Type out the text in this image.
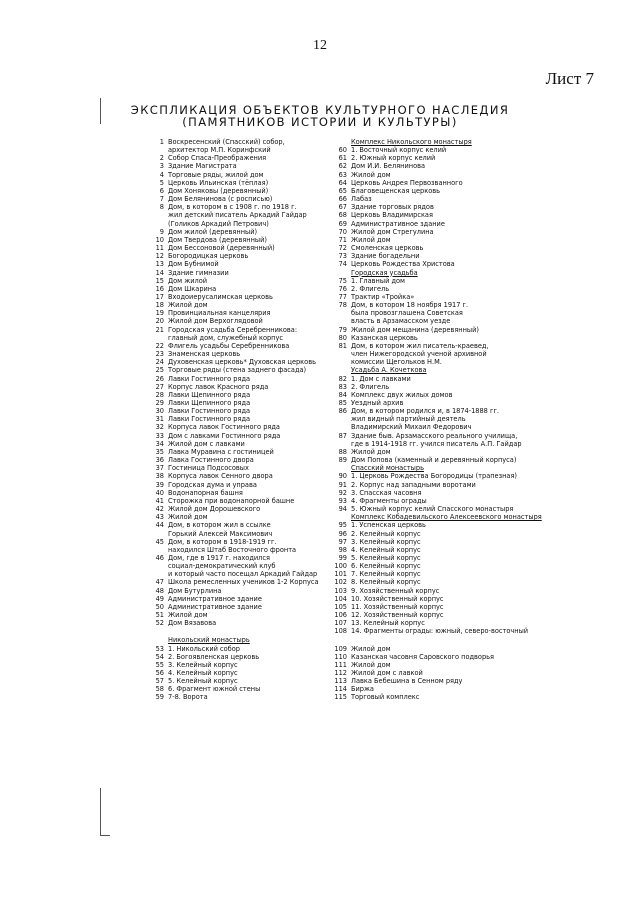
12
Лист 7
ЭКСПЛИКАЦИЯ ОБЪЕКТОВ КУЛЬТУРНОГО НАСЛЕДИЯ
(ПАМЯТНИКОВ ИСТОРИИ И КУЛЬТУРЫ)
1 Воскресенский (Спасский) собор,
архитектор М.П. Коринфский
2 Собор Спаса-Преображения
3 Здание Магистрата
4 Торговые ряды, жилой дом
5 Церковь Ильинская (тёплая)
6 Дом Хоняковы (деревянный)
7 Дом Белянинова (с росписью)
8 Дом, в котором в с 1908 г. по 1918 г.
жил детский писатель Аркадий Гайдар
(Голиков Аркадий Петрович)
9 Дом жилой (деревянный)
10 Дом Твердова (деревянный)
11 Дом Бессоновой (деревянный)
12 Богородицкая церковь
13 Дом Бубнимой
14 Здание гимназии
15 Дом жилой
16 Дом Шкарина
17 Входоиерусалимская церковь
18 Жилой дом
19 Провинциальная канцелярия
20 Жилой дом Верхоглядовой
21 Городская усадьба Серебренникова:
главный дом, служебный корпус
22 Флигель усадьбы Серебренникова
23 Знаменская церковь
24 Духовенская церковь* Духовская церковь
25 Торговые ряды (стена заднего фасада)
26 Лавки Гостинного ряда
27 Корпус лавок Красного ряда
28 Лавки Щепинного ряда
29 Лавки Щепинного ряда
30 Лавки Гостинного ряда
31 Лавки Гостинного ряда
32 Корпуса лавок Гостинного ряда
33 Дом с лавками Гостинного ряда
34 Жилой дом с лавками
35 Лавка Муравина с гостиницей
36 Лавка Гостинного двора
37 Гостиница Подсосовых
38 Корпуса лавок Сенного двора
39 Городская дума и управа
40 Водонапорная башня
41 Сторожка при водонапорной башне
42 Жилой дом Дорошевского
43 Жилой дом
44 Дом, в котором жил в ссылке
Горький Алексей Максимович
45 Дом, в котором в 1918-1919 гг.
находился Штаб Восточного фронта
46 Дом, где в 1917 г. находился
социал-демократический клуб
и который часто посещал Аркадий Гайдар
47 Школа ремесленных учеников 1-2 Корпуса
48 Дом Бутурлина
49 Административное здание
50 Административное здание
51 Жилой дом
52 Дом Вязавова
Никольский монастырь
53 1. Никольский собор
54 2. Богоявленская церковь
55 3. Келейный корпус
56 4. Келейный корпус
57 5. Келейный корпус
58 6. Фрагмент южной стены
59 7-8. Ворота
Комплекс Никольского монастыря
60 1. Восточный корпус келий
61 2. Южный корпус келий
62 Дом И.И. Белянинова
63 Жилой дом
64 Церковь Андрея Первозванного
65 Благовещенская церковь
66 Лабаз
67 Здание торговых рядов
68 Церковь Владимирская
69 Административное здание
70 Жилой дом Стрегулина
71 Жилой дом
72 Смоленская церковь
73 Здание богадельни
74 Церковь Рождества Христова
Городская усадьба
75 1. Главный дом
76 2. Флигель
77 Трактир «Тройка»
78 Дом, в котором 18 ноября 1917 г.
была провозглашена Советская
власть в Арзамасском уезде
79 Жилой дом мещанина (деревянный)
80 Казанская церковь
81 Дом, в котором жил писатель-краевед,
член Нижегородской ученой архивной
комиссии Щегольков Н.М.
Усадьба А. Кочеткова
82 1. Дом с лавками
83 2. Флигель
84 Комплекс двух жилых домов
85 Уездный архив
86 Дом, в котором родился и, в 1874-1888 гг.
жил видный партийный деятель
Владимирский Михаил Федорович
87 Здание быв. Арзамасского реального училища,
где в 1914-1918 гг. учился писатель А.П. Гайдар
88 Жилой дом
89 Дом Попова (каменный и деревянный корпуса)
Спасский монастырь
90 1. Церковь Рождества Богородицы (трапезная)
91 2. Корпус над западными воротами
92 3. Спасская часовня
93 4. Фрагменты ограды
94 5. Южный корпус келий Спасского монастыря
Комплекс Кобадевильского Алексеевского монастыря
95 1. Успенская церковь
96 2. Келейный корпус
97 3. Келейный корпус
98 4. Келейный корпус
99 5. Келейный корпус
100 6. Келейный корпус
101 7. Келейный корпус
102 8. Келейный корпус
103 9. Хозяйственный корпус
104 10. Хозяйственный корпус
105 11. Хозяйственный корпус
106 12. Хозяйственный корпус
107 13. Келейный корпус
108 14. Фрагменты ограды: южный, северо-восточный
109 Жилой дом
110 Казанская часовня Саровского подворья
111 Жилой дом
112 Жилой дом с лавкой
113 Лавка Бебешина в Сенном ряду
114 Биржа
115 Торговый комплекс
